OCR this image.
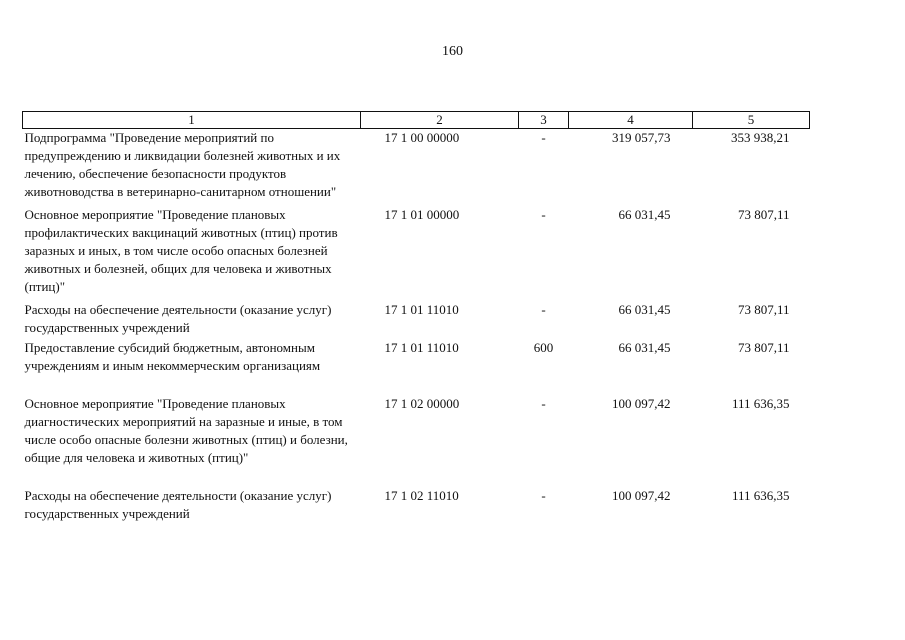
160
1	2	3	4	5
Подпрограмма "Проведение мероприятий по предупреждению и ликвидации болезней животных и их лечению, обеспечение безопасности продуктов животноводства в ветеринарно-санитарном отношении"	17 1 00 00000	-	319 057,73	353 938,21
Основное мероприятие "Проведение плановых профилактических вакцинаций животных (птиц) против заразных и иных, в том числе особо опасных болезней животных и болезней, общих для человека и животных (птиц)"	17 1 01 00000	-	66 031,45	73 807,11
Расходы на обеспечение деятельности (оказание услуг) государственных учреждений	17 1 01 11010	-	66 031,45	73 807,11
Предоставление субсидий бюджетным, автономным учреждениям и иным некоммерческим организациям	17 1 01 11010	600	66 031,45	73 807,11
Основное мероприятие "Проведение плановых диагностических мероприятий на заразные и иные, в том числе особо опасные болезни животных (птиц) и болезни, общие для человека и животных (птиц)"	17 1 02 00000	-	100 097,42	111 636,35
Расходы на обеспечение деятельности (оказание услуг) государственных учреждений	17 1 02 11010	-	100 097,42	111 636,35
